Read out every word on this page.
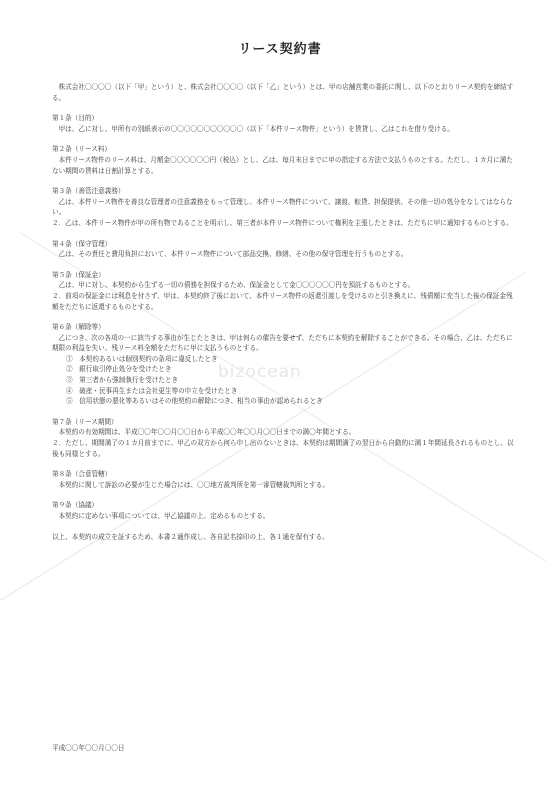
bizocean
リース契約書

株式会社〇〇〇〇（以下「甲」という）と、株式会社〇〇〇〇（以下「乙」という）とは、甲の店舗営業の委託に関し、以下のとおりリース契約を締結する。

第１条（目的）

甲は、乙に対し、甲所有の別紙表示の〇〇〇〇〇〇〇〇〇〇〇（以下「本件リース物件」という）を賃貸し、乙はこれを借り受ける。

第２条（リース料）

本件リース物件のリース料は、月額金〇〇〇〇〇〇円（税込）とし、乙は、毎月末日までに甲の指定する方法で支払うものとする。ただし、１カ月に満たない期間の賃料は日割計算とする。

第３条（善管注意義務）

乙は、本件リース物件を善良な管理者の注意義務をもって管理し、本件リース物件について、譲渡、転貸、担保提供、その他一切の処分をなしてはならない。

２．乙は、本件リース物件が甲の所有物であることを明示し、第三者が本件リース物件について権利を主張したときは、ただちに甲に通知するものとする。

第４条（保守管理）

乙は、その責任と費用負担において、本件リース物件について部品交換、修繕、その他の保守管理を行うものとする。

第５条（保証金）

乙は、甲に対し、本契約から生ずる一切の債務を担保するため、保証金として金〇〇〇〇〇〇円を預託するものとする。

２．前項の保証金には利息を付さず、甲は、本契約終了後において、本件リース物件の返還引渡しを受けるのと引き換えに、残債額に充当した後の保証金残額をただちに返還するものとする。

第６条（解除等）

乙につき、次の各項の一に該当する事由が生じたときは、甲は何らの催告を要せず、ただちに本契約を解除することができる。その場合、乙は、ただちに期限の利益を失い、残リース料全額をただちに甲に支払うものとする。

①　本契約あるいは個別契約の条項に違反したとき

②　銀行取引停止処分を受けたとき

③　第三者から強制執行を受けたとき

④　破産・民事再生または会社更生等の申立を受けたとき

⑤　信用状態の悪化等あるいはその他契約の解除につき、相当の事由が認められるとき

第７条（リース期間）

本契約の有効期間は、平成〇〇年〇〇月〇〇日から平成〇〇年〇〇月〇〇日までの満〇年間とする。

２．ただし、期間満了の１カ月前までに、甲乙の双方から何ら申し出のないときは、本契約は期間満了の翌日から自動的に満１年間延長されるものとし、以後も同様とする。

第８条（合意管轄）

本契約に関して訴訟の必要が生じた場合には、〇〇地方裁判所を第一審管轄裁判所とする。

第９条（協議）

本契約に定めない事項については、甲乙協議の上、定めるものとする。

以上、本契約の成立を証するため、本書２通作成し、各自記名捺印の上、各１通を保有する。

平成〇〇年〇〇月〇〇日
